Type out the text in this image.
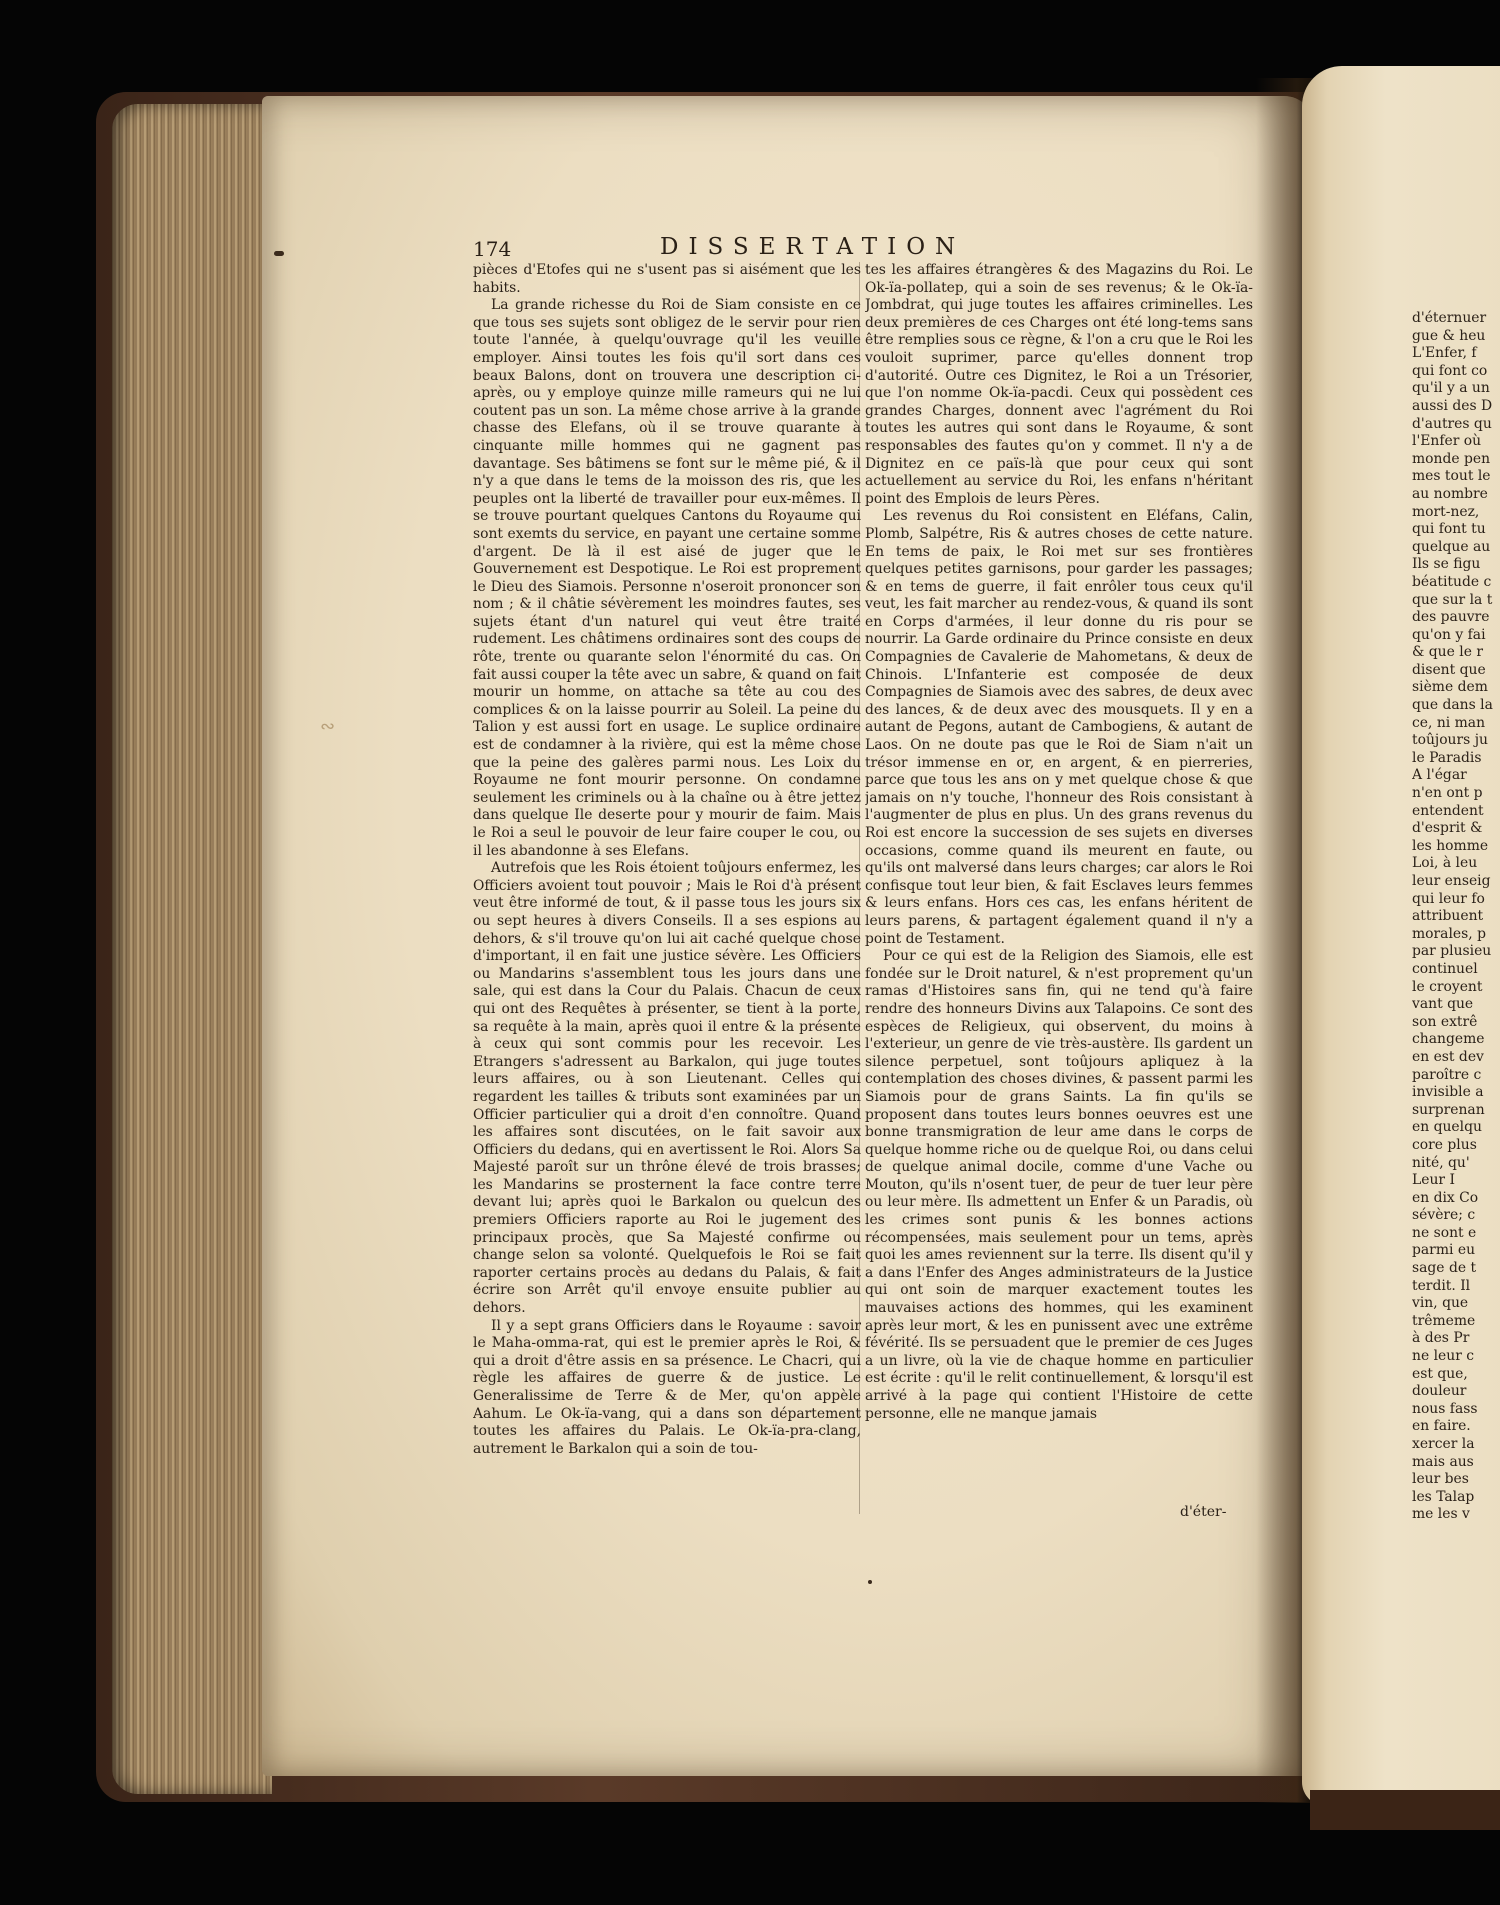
∾
174	DISSERTATION

pièces d'Etofes qui ne s'usent pas si aisément que les habits.

La grande richesse du Roi de Siam consiste en ce que tous ses sujets sont obligez de le servir pour rien toute l'année, à quelqu'ouvrage qu'il les veuille employer. Ainsi toutes les fois qu'il sort dans ces beaux Balons, dont on trouvera une description ci-après, ou y employe quinze mille rameurs qui ne lui coutent pas un son. La même chose arrive à la grande chasse des Elefans, où il se trouve quarante à cinquante mille hommes qui ne gagnent pas davantage. Ses bâtimens se font sur le même pié, & il n'y a que dans le tems de la moisson des ris, que les peuples ont la liberté de travailler pour eux-mêmes. Il se trouve pourtant quelques Cantons du Royaume qui sont exemts du service, en payant une certaine somme d'argent. De là il est aisé de juger que le Gouvernement est Despotique. Le Roi est proprement le Dieu des Siamois. Personne n'oseroit prononcer son nom ; & il châtie sévèrement les moindres fautes, ses sujets étant d'un naturel qui veut être traité rudement. Les châtimens ordinaires sont des coups de rôte, trente ou quarante selon l'énormité du cas. On fait aussi couper la tête avec un sabre, & quand on fait mourir un homme, on attache sa tête au cou des complices & on la laisse pourrir au Soleil. La peine du Talion y est aussi fort en usage. Le suplice ordinaire est de condamner à la rivière, qui est la même chose que la peine des galères parmi nous. Les Loix du Royaume ne font mourir personne. On condamne seulement les criminels ou à la chaîne ou à être jettez dans quelque Ile deserte pour y mourir de faim. Mais le Roi a seul le pouvoir de leur faire couper le cou, ou il les abandonne à ses Elefans.

Autrefois que les Rois étoient toûjours enfermez, les Officiers avoient tout pouvoir ; Mais le Roi d'à présent veut être informé de tout, & il passe tous les jours six ou sept heures à divers Conseils. Il a ses espions au dehors, & s'il trouve qu'on lui ait caché quelque chose d'important, il en fait une justice sévère. Les Officiers ou Mandarins s'assemblent tous les jours dans une sale, qui est dans la Cour du Palais. Chacun de ceux qui ont des Requêtes à présenter, se tient à la porte, sa requête à la main, après quoi il entre & la présente à ceux qui sont commis pour les recevoir. Les Etrangers s'adressent au Barkalon, qui juge toutes leurs affaires, ou à son Lieutenant. Celles qui regardent les tailles & tributs sont examinées par un Officier particulier qui a droit d'en connoître. Quand les affaires sont discutées, on le fait savoir aux Officiers du dedans, qui en avertissent le Roi. Alors Sa Majesté paroît sur un thrône élevé de trois brasses; les Mandarins se prosternent la face contre terre devant lui; après quoi le Barkalon ou quelcun des premiers Officiers raporte au Roi le jugement des principaux procès, que Sa Majesté confirme ou change selon sa volonté. Quelquefois le Roi se fait raporter certains procès au dedans du Palais, & fait écrire son Arrêt qu'il envoye ensuite publier au dehors.

Il y a sept grans Officiers dans le Royaume : savoir le Maha-omma-rat, qui est le premier après le Roi, & qui a droit d'être assis en sa présence. Le Chacri, qui règle les affaires de guerre & de justice. Le Generalissime de Terre & de Mer, qu'on appèle Aahum. Le Ok-ïa-vang, qui a dans son département toutes les affaires du Palais. Le Ok-ïa-pra-clang, autrement le Barkalon qui a soin de tou-

tes les affaires étrangères & des Magazins du Roi. Le Ok-ïa-pollatep, qui a soin de ses revenus; & le Ok-ïa-Jombdrat, qui juge toutes les affaires criminelles. Les deux premières de ces Charges ont été long-tems sans être remplies sous ce règne, & l'on a cru que le Roi les vouloit suprimer, parce qu'elles donnent trop d'autorité. Outre ces Dignitez, le Roi a un Trésorier, que l'on nomme Ok-ïa-pacdi. Ceux qui possèdent ces grandes Charges, donnent avec l'agrément du Roi toutes les autres qui sont dans le Royaume, & sont responsables des fautes qu'on y commet. Il n'y a de Dignitez en ce païs-là que pour ceux qui sont actuellement au service du Roi, les enfans n'héritant point des Emplois de leurs Pères.

Les revenus du Roi consistent en Eléfans, Calin, Plomb, Salpétre, Ris & autres choses de cette nature. En tems de paix, le Roi met sur ses frontières quelques petites garnisons, pour garder les passages; & en tems de guerre, il fait enrôler tous ceux qu'il veut, les fait marcher au rendez-vous, & quand ils sont en Corps d'armées, il leur donne du ris pour se nourrir. La Garde ordinaire du Prince consiste en deux Compagnies de Cavalerie de Mahometans, & deux de Chinois. L'Infanterie est composée de deux Compagnies de Siamois avec des sabres, de deux avec des lances, & de deux avec des mousquets. Il y en a autant de Pegons, autant de Cambogiens, & autant de Laos. On ne doute pas que le Roi de Siam n'ait un trésor immense en or, en argent, & en pierreries, parce que tous les ans on y met quelque chose & que jamais on n'y touche, l'honneur des Rois consistant à l'augmenter de plus en plus. Un des grans revenus du Roi est encore la succession de ses sujets en diverses occasions, comme quand ils meurent en faute, ou qu'ils ont malversé dans leurs charges; car alors le Roi confisque tout leur bien, & fait Esclaves leurs femmes & leurs enfans. Hors ces cas, les enfans héritent de leurs parens, & partagent également quand il n'y a point de Testament.

Pour ce qui est de la Religion des Siamois, elle est fondée sur le Droit naturel, & n'est proprement qu'un ramas d'Histoires sans fin, qui ne tend qu'à faire rendre des honneurs Divins aux Talapoins. Ce sont des espèces de Religieux, qui observent, du moins à l'exterieur, un genre de vie très-austère. Ils gardent un silence perpetuel, sont toûjours apliquez à la contemplation des choses divines, & passent parmi les Siamois pour de grans Saints. La fin qu'ils se proposent dans toutes leurs bonnes oeuvres est une bonne transmigration de leur ame dans le corps de quelque homme riche ou de quelque Roi, ou dans celui de quelque animal docile, comme d'une Vache ou Mouton, qu'ils n'osent tuer, de peur de tuer leur père ou leur mère. Ils admettent un Enfer & un Paradis, où les crimes sont punis & les bonnes actions récompensées, mais seulement pour un tems, après quoi les ames reviennent sur la terre. Ils disent qu'il y a dans l'Enfer des Anges administrateurs de la Justice qui ont soin de marquer exactement toutes les mauvaises actions des hommes, qui les examinent après leur mort, & les en punissent avec une extrême févérité. Ils se persuadent que le premier de ces Juges a un livre, où la vie de chaque homme en particulier est écrite : qu'il le relit continuellement, & lorsqu'il est arrivé à la page qui contient l'Histoire de cette personne, elle ne manque jamais

d'éter-
d'éternuer
gue & heu
L'Enfer, f
qui font co
qu'il y a un
aussi des D
d'autres qu
l'Enfer où
monde pen
mes tout le
au nombre
mort-nez,
qui font tu
quelque au
Ils se figu
béatitude c
que sur la t
des pauvre
qu'on y fai
& que le r
disent que
sième dem
que dans la
ce, ni man
toûjours ju
le Paradis
A l'égar
n'en ont p
entendent
d'esprit &
les homme
Loi, à leu
leur enseig
qui leur fo
attribuent
morales, p
par plusieu
continuel
le croyent
vant que
son extrê
changeme
en est dev
paroître c
invisible a
surprenan
en quelqu
core plus
nité, qu'
Leur I
en dix Co
sévère; c
ne sont e
parmi eu
sage de t
terdit. Il
vin, que
trêmeme
à des Pr
ne leur c
est que,
douleur
nous fass
en faire.
xercer la
mais aus
leur bes
les Talap
me les v
